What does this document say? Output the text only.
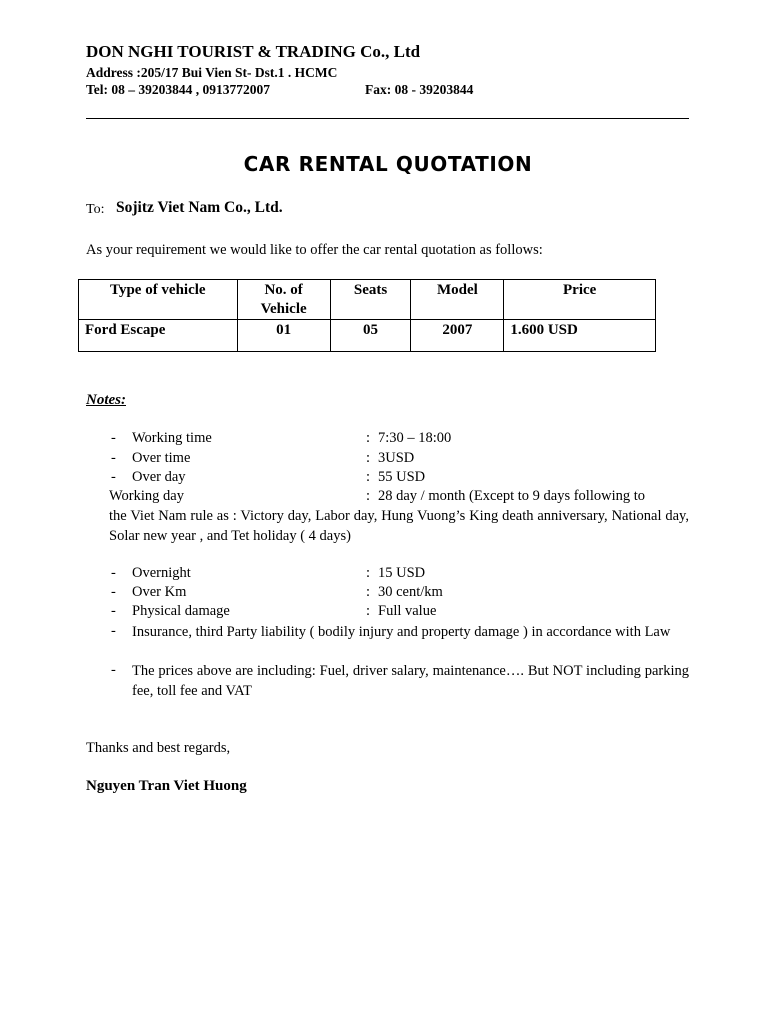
DON NGHI TOURIST & TRADING Co., Ltd
Address :205/17 Bui Vien St- Dst.1 . HCMC
Tel: 08 – 39203844 , 0913772007	Fax: 08 - 39203844
CAR RENTAL QUOTATION
To: Sojitz Viet Nam Co., Ltd.
As your requirement we would like to offer the car rental quotation as follows:
Type of vehicle	No. of Vehicle	Seats	Model	Price
Ford Escape	01	05	2007	1.600 USD
Notes:
- Working time	: 7:30 – 18:00
- Over time	: 3USD
- Over day	: 55 USD
Working day	: 28 day / month (Except to 9 days following to
the Viet Nam rule as : Victory day, Labor day, Hung Vuong’s King death anniversary, National day, Solar new year , and Tet holiday ( 4 days)
- Overnight	: 15 USD
- Over Km	: 30 cent/km
- Physical damage	: Full value
- Insurance, third Party liability ( bodily injury and property damage ) in accordance with Law
- The prices above are including: Fuel, driver salary, maintenance…. But NOT including parking fee, toll fee and VAT
Thanks and best regards,
Nguyen Tran Viet Huong
